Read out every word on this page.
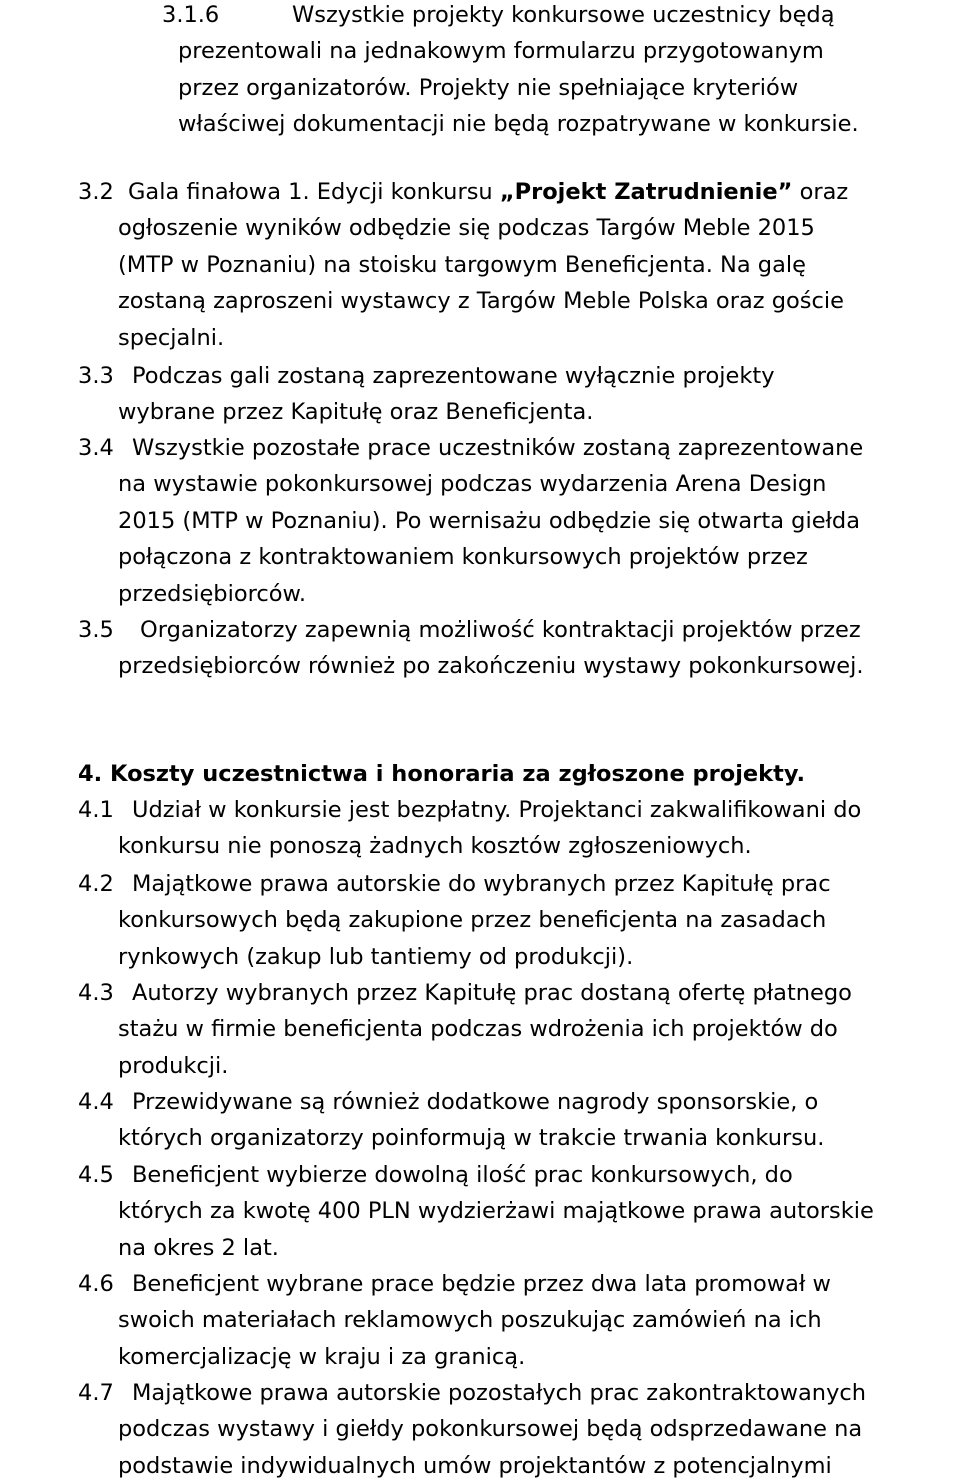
3.1.6	Wszystkie projekty konkursowe uczestnicy będą
prezentowali na jednakowym formularzu przygotowanym
przez organizatorów. Projekty nie spełniające kryteriów
właściwej dokumentacji nie będą rozpatrywane w konkursie.
3.2 Gala finałowa 1. Edycji konkursu „Projekt Zatrudnienie” oraz
ogłoszenie wyników odbędzie się podczas Targów Meble 2015
(MTP w Poznaniu) na stoisku targowym Beneficjenta. Na galę
zostaną zaproszeni wystawcy z Targów Meble Polska oraz goście
specjalni.
3.3 Podczas gali zostaną zaprezentowane wyłącznie projekty
wybrane przez Kapitułę oraz Beneficjenta.
3.4 Wszystkie pozostałe prace uczestników zostaną zaprezentowane
na wystawie pokonkursowej podczas wydarzenia Arena Design
2015 (MTP w Poznaniu). Po wernisażu odbędzie się otwarta giełda
połączona z kontraktowaniem konkursowych projektów przez
przedsiębiorców.
3.5 Organizatorzy zapewnią możliwość kontraktacji projektów przez
przedsiębiorców również po zakończeniu wystawy pokonkursowej.
4. Koszty uczestnictwa i honoraria za zgłoszone projekty.
4.1 Udział w konkursie jest bezpłatny. Projektanci zakwalifikowani do
konkursu nie ponoszą żadnych kosztów zgłoszeniowych.
4.2 Majątkowe prawa autorskie do wybranych przez Kapitułę prac
konkursowych będą zakupione przez beneficjenta na zasadach
rynkowych (zakup lub tantiemy od produkcji).
4.3 Autorzy wybranych przez Kapitułę prac dostaną ofertę płatnego
stażu w firmie beneficjenta podczas wdrożenia ich projektów do
produkcji.
4.4 Przewidywane są również dodatkowe nagrody sponsorskie, o
których organizatorzy poinformują w trakcie trwania konkursu.
4.5 Beneficjent wybierze dowolną ilość prac konkursowych, do
których za kwotę 400 PLN wydzierżawi majątkowe prawa autorskie
na okres 2 lat.
4.6 Beneficjent wybrane prace będzie przez dwa lata promował w
swoich materiałach reklamowych poszukując zamówień na ich
komercjalizację w kraju i za granicą.
4.7 Majątkowe prawa autorskie pozostałych prac zakontraktowanych
podczas wystawy i giełdy pokonkursowej będą odsprzedawane na
podstawie indywidualnych umów projektantów z potencjalnymi
